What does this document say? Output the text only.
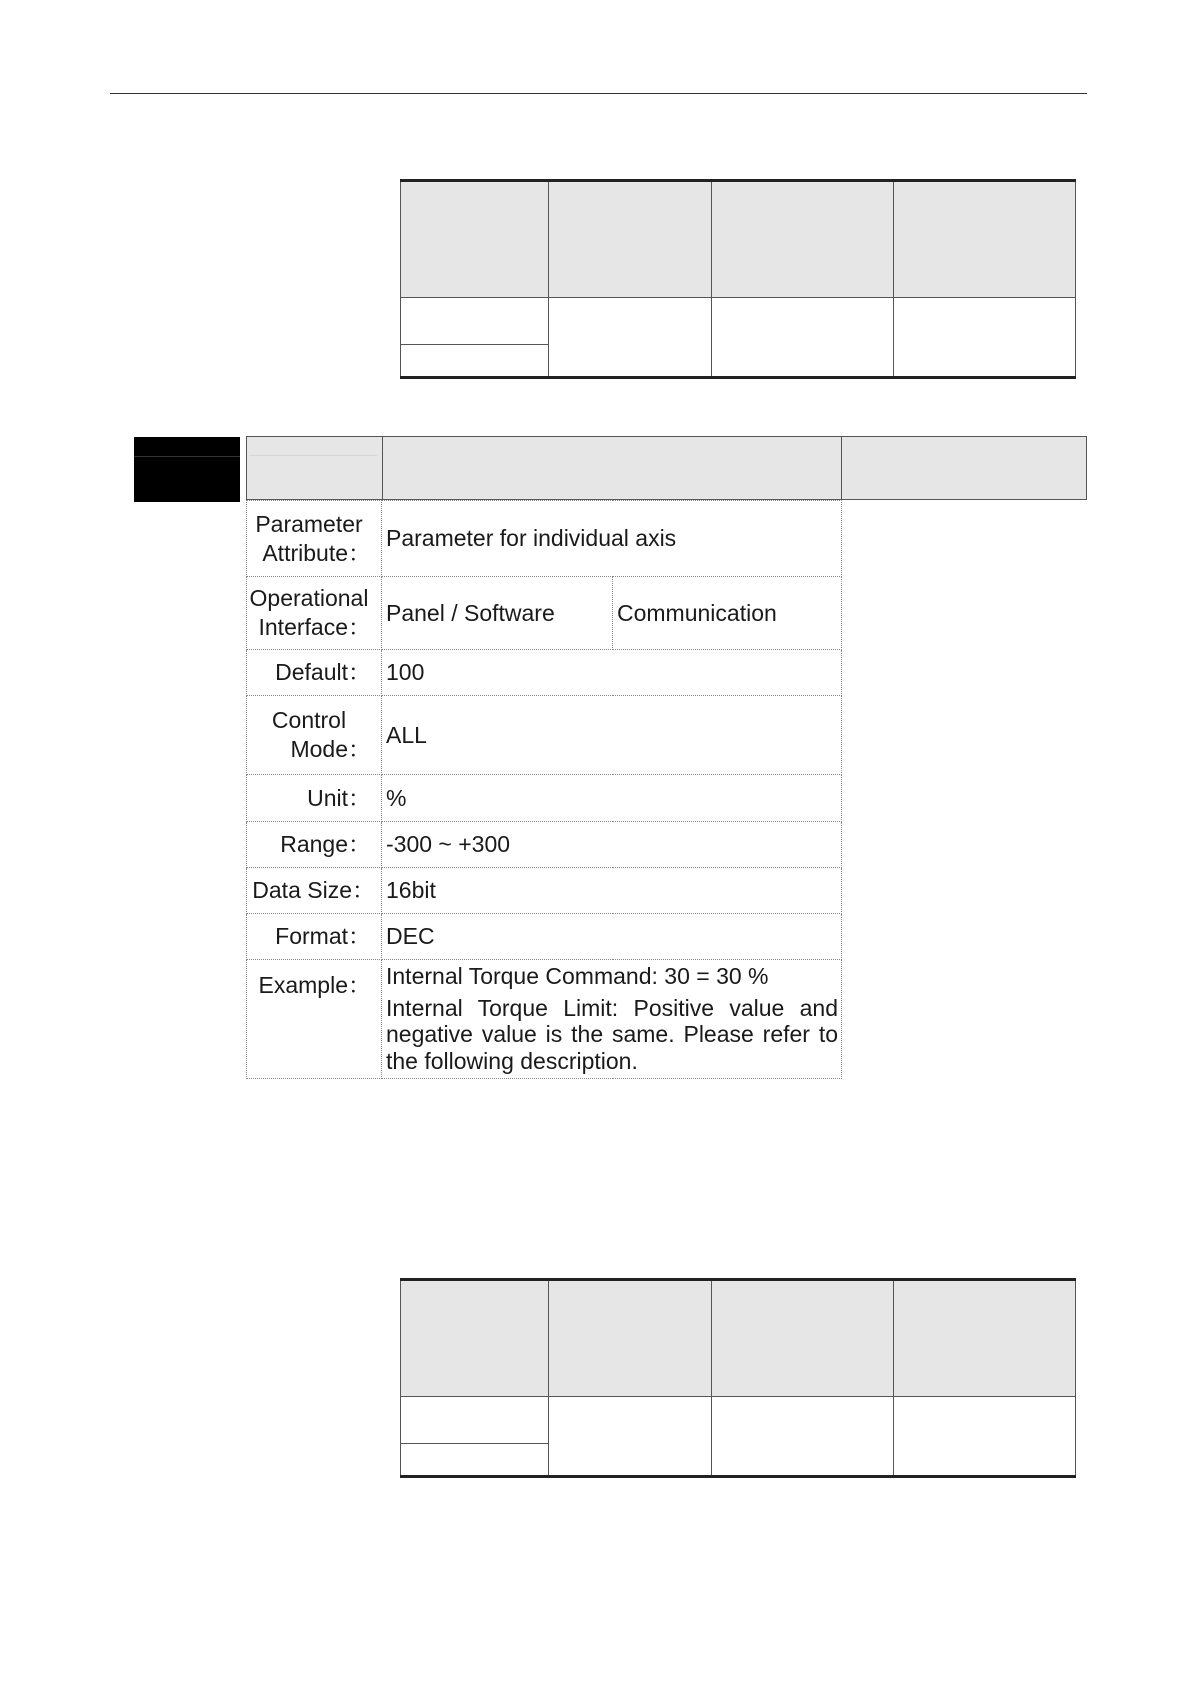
Parameter
Attribute：	Parameter for individual axis	

Operational
Interface：	Panel / Software	Communication
Default：	100	

Control
Mode：	ALL	
Unit：	%	
Range：	-300 ~ +300	
Data Size：	16bit	
Format：	DEC	
Example：	Internal Torque Command: 30 = 30 %
Internal Torque Limit: Positive value and negative value is the same. Please refer to the following description.	
